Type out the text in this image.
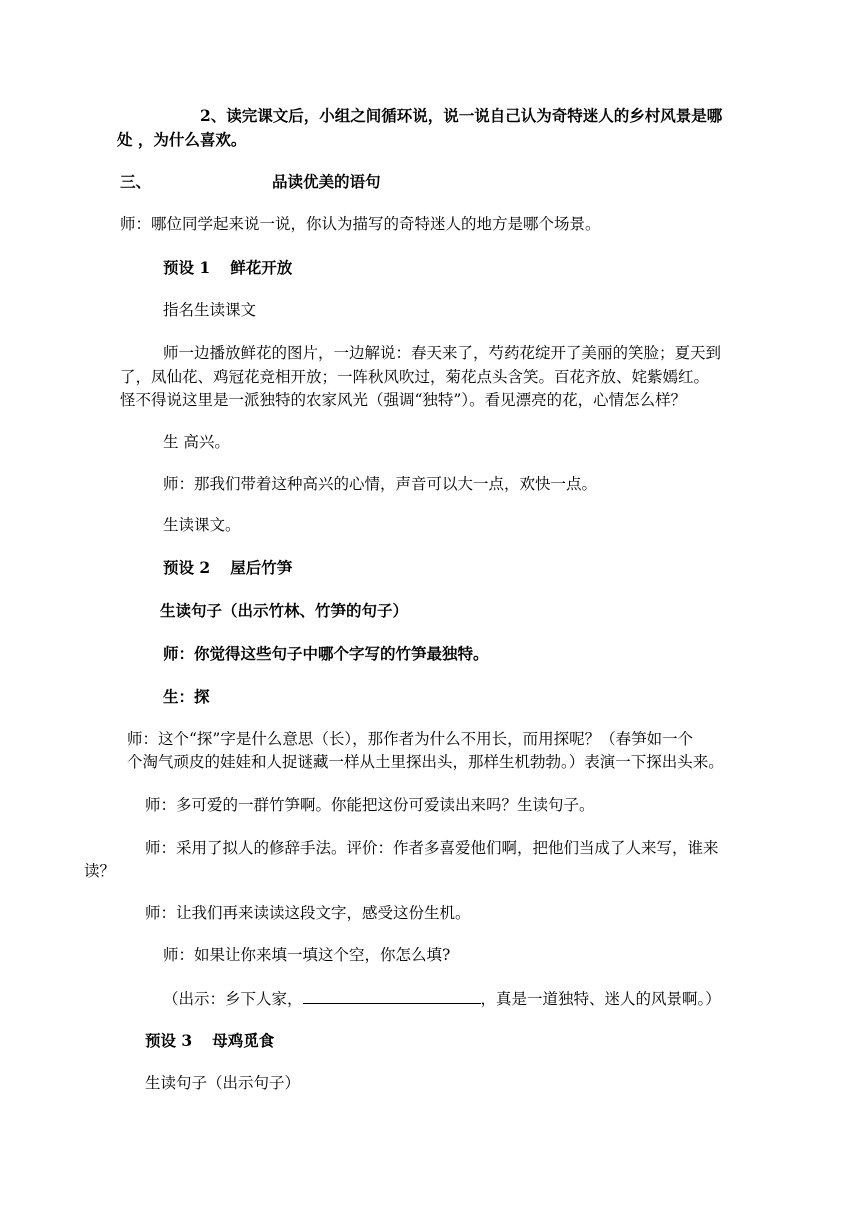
2、读完课文后，小组之间循环说，说一说自己认为奇特迷人的乡村风景是哪
处 ，为什么喜欢。
三、	品读优美的语句
师：哪位同学起来说一说，你认为描写的奇特迷人的地方是哪个场景。
预设 1 鲜花开放
指名生读课文
师一边播放鲜花的图片，一边解说：春天来了，芍药花绽开了美丽的笑脸；夏天到
了，凤仙花、鸡冠花竞相开放；一阵秋风吹过，菊花点头含笑。百花齐放、姹紫嫣红。
怪不得说这里是一派独特的农家风光（强调“独特”）。看见漂亮的花，心情怎么样？
生 高兴。
师：那我们带着这种高兴的心情，声音可以大一点，欢快一点。
生读课文。
预设 2 屋后竹笋
生读句子（出示竹林、竹笋的句子）
师：你觉得这些句子中哪个字写的竹笋最独特。
生：探
师：这个“探”字是什么意思（长），那作者为什么不用长，而用探呢？（春笋如一个
个淘气顽皮的娃娃和人捉谜藏一样从土里探出头，那样生机勃勃。）表演一下探出头来。
师：多可爱的一群竹笋啊。你能把这份可爱读出来吗？生读句子。
师：采用了拟人的修辞手法。评价：作者多喜爱他们啊，把他们当成了人来写，谁来
读？
师：让我们再来读读这段文字，感受这份生机。
师：如果让你来填一填这个空，你怎么填?
（出示：乡下人家，	，真是一道独特、迷人的风景啊。）
预设 3 母鸡觅食
生读句子（出示句子）
